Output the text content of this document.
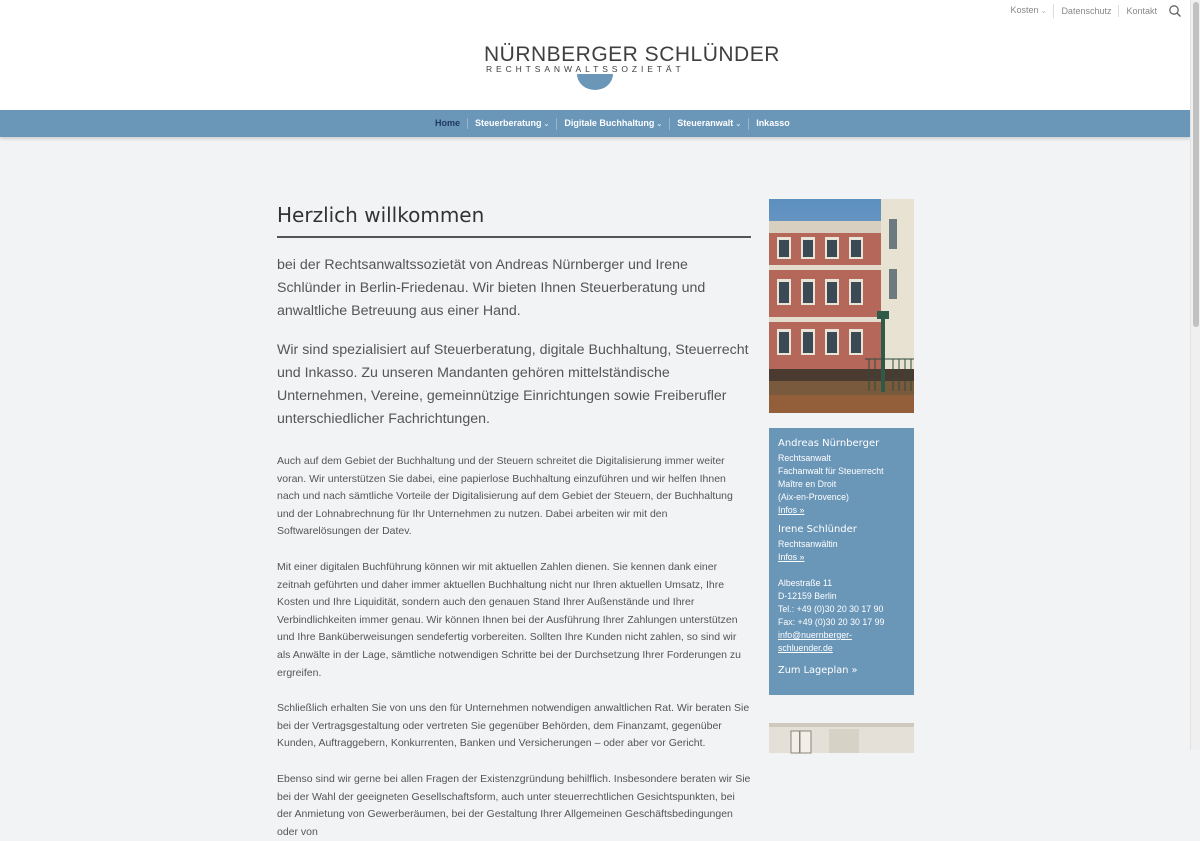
Kosten ⌄	Datenschutz	Kontakt
NÜRNBERGER SCHLÜNDER
RECHTSANWALTSSOZIETÄT
Home	Steuerberatung ⌄	Digitale Buchhaltung ⌄	Steueranwalt ⌄	Inkasso
Herzlich willkommen

bei der Rechtsanwaltssozietät von Andreas Nürnberger und Irene Schlünder in Berlin-Friedenau. Wir bieten Ihnen Steuerberatung und anwaltliche Betreuung aus einer Hand.

Wir sind spezialisiert auf Steuerberatung, digitale Buchhaltung, Steuerrecht und Inkasso. Zu unseren Mandanten gehören mittelständische Unternehmen, Vereine, gemeinnützige Einrichtungen sowie Freiberufler unterschiedlicher Fachrichtungen.

Auch auf dem Gebiet der Buchhaltung und der Steuern schreitet die Digitalisierung immer weiter voran. Wir unterstützen Sie dabei, eine papierlose Buchhaltung einzuführen und wir helfen Ihnen nach und nach sämtliche Vorteile der Digitalisierung auf dem Gebiet der Steuern, der Buchhaltung und der Lohnabrechnung für Ihr Unternehmen zu nutzen. Dabei arbeiten wir mit den Softwarelösungen der Datev.

Mit einer digitalen Buchführung können wir mit aktuellen Zahlen dienen. Sie kennen dank einer zeitnah geführten und daher immer aktuellen Buchhaltung nicht nur Ihren aktuellen Umsatz, Ihre Kosten und Ihre Liquidität, sondern auch den genauen Stand Ihrer Außenstände und Ihrer Verbindlichkeiten immer genau. Wir können Ihnen bei der Ausführung Ihrer Zahlungen unterstützen und Ihre Banküberweisungen sendefertig vorbereiten. Sollten Ihre Kunden nicht zahlen, so sind wir als Anwälte in der Lage, sämtliche notwendigen Schritte bei der Durchsetzung Ihrer Forderungen zu ergreifen.

Schließlich erhalten Sie von uns den für Unternehmen notwendigen anwaltlichen Rat. Wir beraten Sie bei der Vertragsgestaltung oder vertreten Sie gegenüber Behörden, dem Finanzamt, gegenüber Kunden, Auftraggebern, Konkurrenten, Banken und Versicherungen – oder aber vor Gericht.

Ebenso sind wir gerne bei allen Fragen der Existenzgründung behilflich. Insbesondere beraten wir Sie bei der Wahl der geeigneten Gesellschaftsform, auch unter steuerrechtlichen Gesichtspunkten, bei der Anmietung von Gewerberäumen, bei der Gestaltung Ihrer Allgemeinen Geschäftsbedingungen oder von

Andreas Nürnberger
Rechtsanwalt
Fachanwalt für Steuerrecht
Maître en Droit
(Aix-en-Provence)
Infos »
Irene Schlünder
Rechtsanwältin
Infos »
Albestraße 11
D-12159 Berlin
Tel.: +49 (0)30 20 30 17 90
Fax: +49 (0)30 20 30 17 99
info@nuernberger-
schluender.de
Zum Lageplan »
